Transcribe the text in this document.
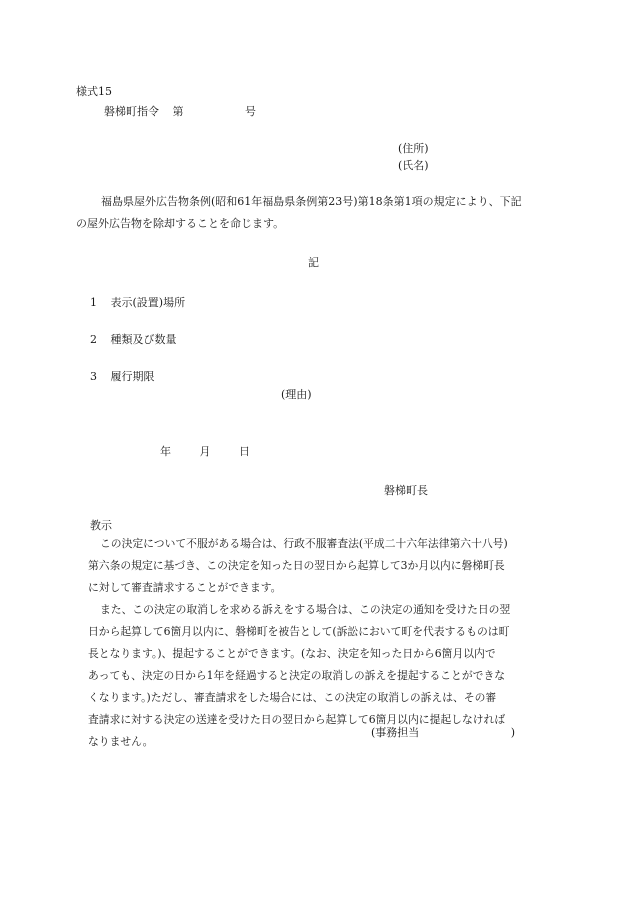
様式15
磐梯町指令 第	号
(住所)
(氏名)
福島県屋外広告物条例(昭和61年福島県条例第23号)第18条第1項の規定により、下記
の屋外広告物を除却することを命じます。
記
1 表示(設置)場所
2 種類及び数量
3 履行期限
(理由)
年	月	日
磐梯町長
教示
この決定について不服がある場合は、行政不服審査法(平成二十六年法律第六十八号)
第六条の規定に基づき、この決定を知った日の翌日から起算して3か月以内に磐梯町長
に対して審査請求することができます。
また、この決定の取消しを求める訴えをする場合は、この決定の通知を受けた日の翌
日から起算して6箇月以内に、磐梯町を被告として(訴訟において町を代表するものは町
長となります。)、提起することができます。(なお、決定を知った日から6箇月以内で
あっても、決定の日から1年を経過すると決定の取消しの訴えを提起することができな
くなります。)ただし、審査請求をした場合には、この決定の取消しの訴えは、その審
査請求に対する決定の送達を受けた日の翌日から起算して6箇月以内に提起しなければ
なりません。
(事務担当	)
